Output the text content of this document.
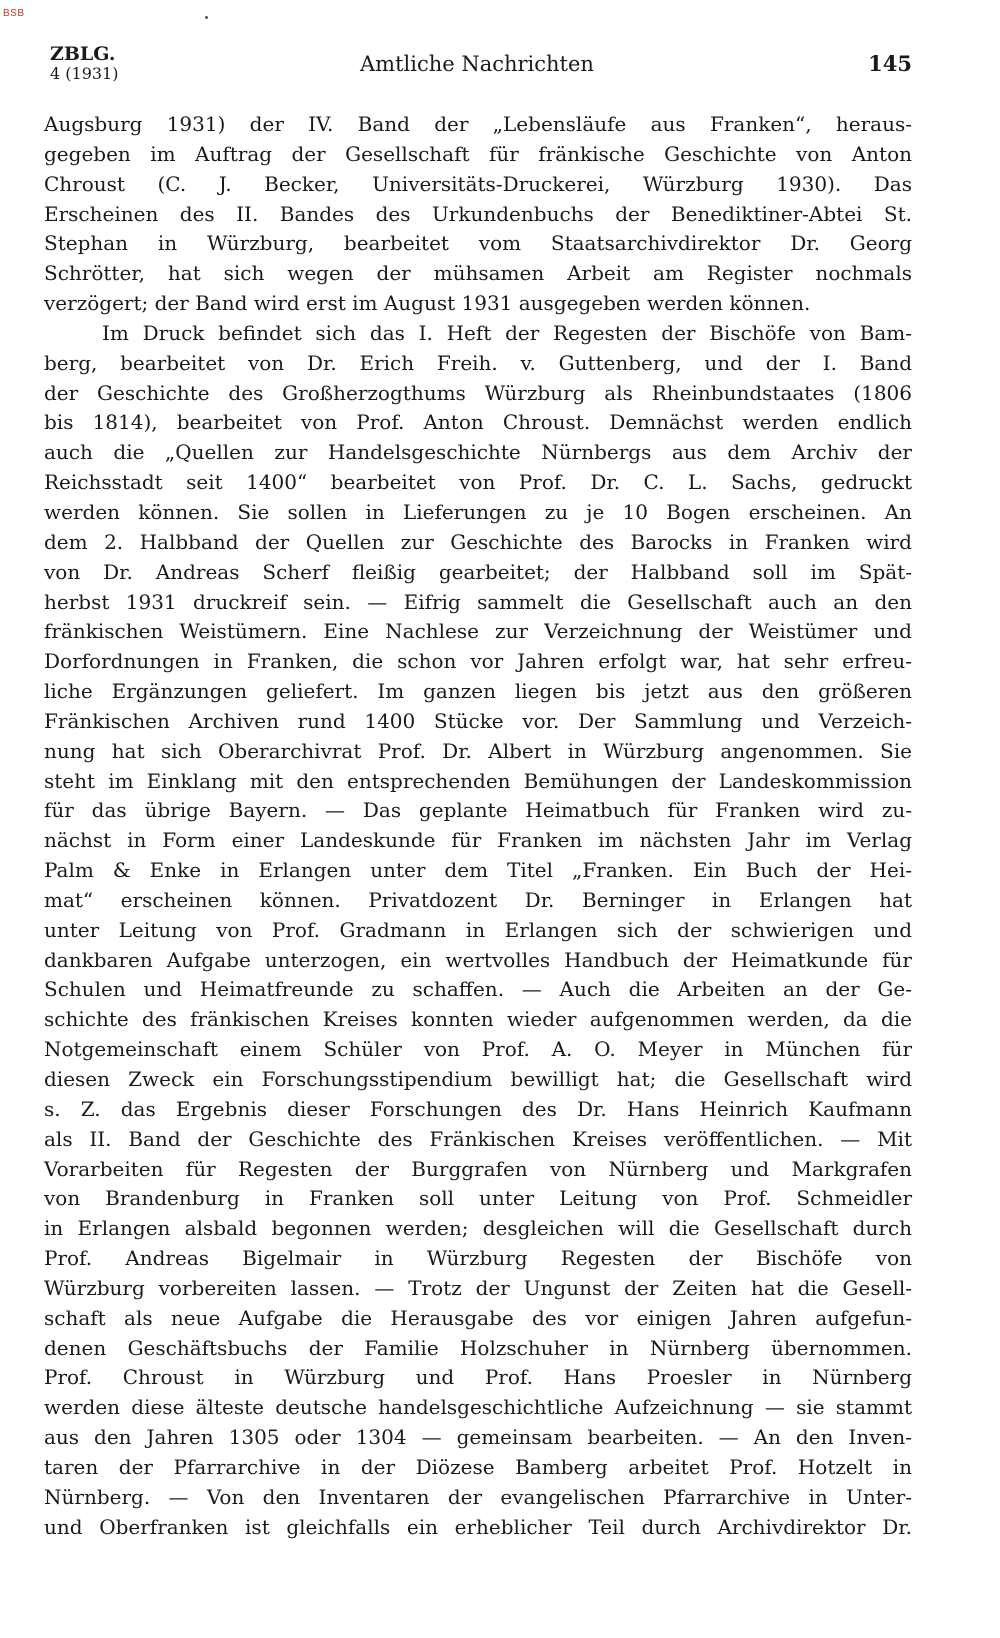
BSB
ZBLG.
4 (1931)	Amtliche Nachrichten	145
Augsburg 1931) der IV. Band der „Lebensläufe aus Franken“, heraus-
gegeben im Auftrag der Gesellschaft für fränkische Geschichte von Anton
Chroust (C. J. Becker, Universitäts-Druckerei, Würzburg 1930). Das
Erscheinen des II. Bandes des Urkundenbuchs der Benediktiner-Abtei St.
Stephan in Würzburg, bearbeitet vom Staatsarchivdirektor Dr. Georg
Schrötter, hat sich wegen der mühsamen Arbeit am Register nochmals
verzögert; der Band wird erst im August 1931 ausgegeben werden können.
Im Druck befindet sich das I. Heft der Regesten der Bischöfe von Bam-
berg, bearbeitet von Dr. Erich Freih. v. Guttenberg, und der I. Band
der Geschichte des Großherzogthums Würzburg als Rheinbundstaates (1806
bis 1814), bearbeitet von Prof. Anton Chroust. Demnächst werden endlich
auch die „Quellen zur Handelsgeschichte Nürnbergs aus dem Archiv der
Reichsstadt seit 1400“ bearbeitet von Prof. Dr. C. L. Sachs, gedruckt
werden können. Sie sollen in Lieferungen zu je 10 Bogen erscheinen. An
dem 2. Halbband der Quellen zur Geschichte des Barocks in Franken wird
von Dr. Andreas Scherf fleißig gearbeitet; der Halbband soll im Spät-
herbst 1931 druckreif sein. — Eifrig sammelt die Gesellschaft auch an den
fränkischen Weistümern. Eine Nachlese zur Verzeichnung der Weistümer und
Dorfordnungen in Franken, die schon vor Jahren erfolgt war, hat sehr erfreu-
liche Ergänzungen geliefert. Im ganzen liegen bis jetzt aus den größeren
Fränkischen Archiven rund 1400 Stücke vor. Der Sammlung und Verzeich-
nung hat sich Oberarchivrat Prof. Dr. Albert in Würzburg angenommen. Sie
steht im Einklang mit den entsprechenden Bemühungen der Landeskommission
für das übrige Bayern. — Das geplante Heimatbuch für Franken wird zu-
nächst in Form einer Landeskunde für Franken im nächsten Jahr im Verlag
Palm & Enke in Erlangen unter dem Titel „Franken. Ein Buch der Hei-
mat“ erscheinen können. Privatdozent Dr. Berninger in Erlangen hat
unter Leitung von Prof. Gradmann in Erlangen sich der schwierigen und
dankbaren Aufgabe unterzogen, ein wertvolles Handbuch der Heimatkunde für
Schulen und Heimatfreunde zu schaffen. — Auch die Arbeiten an der Ge-
schichte des fränkischen Kreises konnten wieder aufgenommen werden, da die
Notgemeinschaft einem Schüler von Prof. A. O. Meyer in München für
diesen Zweck ein Forschungsstipendium bewilligt hat; die Gesellschaft wird
s. Z. das Ergebnis dieser Forschungen des Dr. Hans Heinrich Kaufmann
als II. Band der Geschichte des Fränkischen Kreises veröffentlichen. — Mit
Vorarbeiten für Regesten der Burggrafen von Nürnberg und Markgrafen
von Brandenburg in Franken soll unter Leitung von Prof. Schmeidler
in Erlangen alsbald begonnen werden; desgleichen will die Gesellschaft durch
Prof. Andreas Bigelmair in Würzburg Regesten der Bischöfe von
Würzburg vorbereiten lassen. — Trotz der Ungunst der Zeiten hat die Gesell-
schaft als neue Aufgabe die Herausgabe des vor einigen Jahren aufgefun-
denen Geschäftsbuchs der Familie Holzschuher in Nürnberg übernommen.
Prof. Chroust in Würzburg und Prof. Hans Proesler in Nürnberg
werden diese älteste deutsche handelsgeschichtliche Aufzeichnung — sie stammt
aus den Jahren 1305 oder 1304 — gemeinsam bearbeiten. — An den Inven-
taren der Pfarrarchive in der Diözese Bamberg arbeitet Prof. Hotzelt in
Nürnberg. — Von den Inventaren der evangelischen Pfarrarchive in Unter-
und Oberfranken ist gleichfalls ein erheblicher Teil durch Archivdirektor Dr.
